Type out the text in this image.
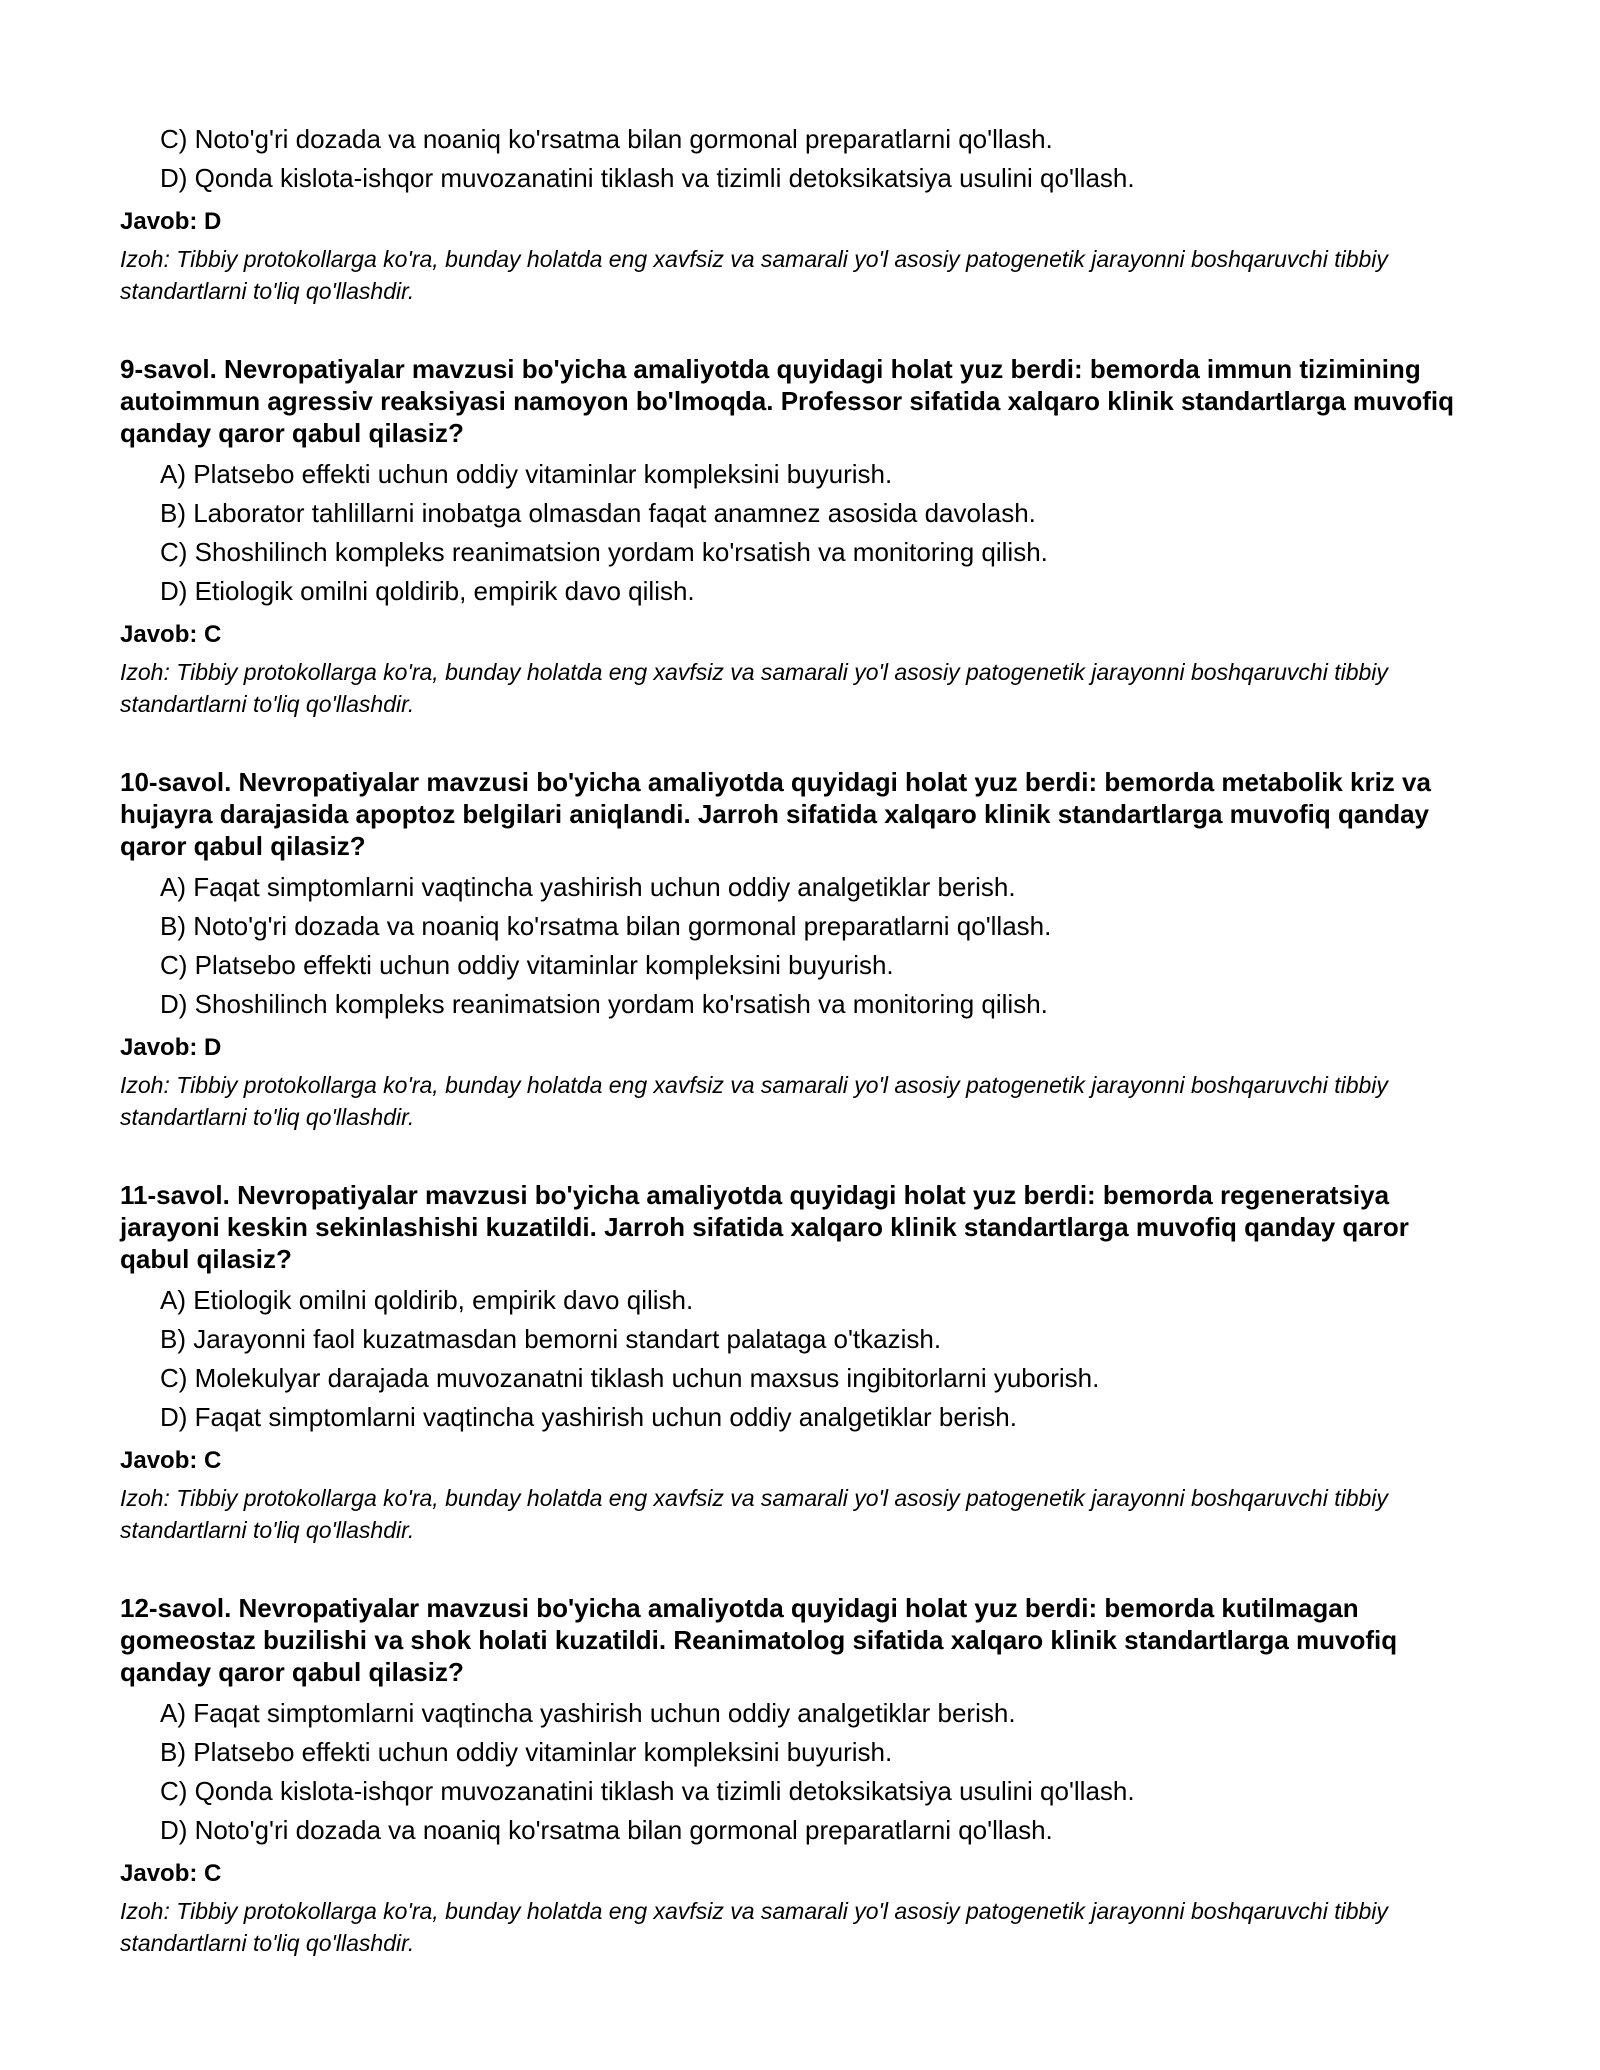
C) Noto'g'ri dozada va noaniq ko'rsatma bilan gormonal preparatlarni qo'llash.

D) Qonda kislota-ishqor muvozanatini tiklash va tizimli detoksikatsiya usulini qo'llash.

Javob: D

Izoh: Tibbiy protokollarga ko'ra, bunday holatda eng xavfsiz va samarali yo'l asosiy patogenetik jarayonni boshqaruvchi tibbiy standartlarni to'liq qo'llashdir.

9-savol. Nevropatiyalar mavzusi bo'yicha amaliyotda quyidagi holat yuz berdi: bemorda immun tizimining autoimmun agressiv reaksiyasi namoyon bo'lmoqda. Professor sifatida xalqaro klinik standartlarga muvofiq qanday qaror qabul qilasiz?

A) Platsebo effekti uchun oddiy vitaminlar kompleksini buyurish.

B) Laborator tahlillarni inobatga olmasdan faqat anamnez asosida davolash.

C) Shoshilinch kompleks reanimatsion yordam ko'rsatish va monitoring qilish.

D) Etiologik omilni qoldirib, empirik davo qilish.

Javob: C

Izoh: Tibbiy protokollarga ko'ra, bunday holatda eng xavfsiz va samarali yo'l asosiy patogenetik jarayonni boshqaruvchi tibbiy standartlarni to'liq qo'llashdir.

10-savol. Nevropatiyalar mavzusi bo'yicha amaliyotda quyidagi holat yuz berdi: bemorda metabolik kriz va hujayra darajasida apoptoz belgilari aniqlandi. Jarroh sifatida xalqaro klinik standartlarga muvofiq qanday qaror qabul qilasiz?

A) Faqat simptomlarni vaqtincha yashirish uchun oddiy analgetiklar berish.

B) Noto'g'ri dozada va noaniq ko'rsatma bilan gormonal preparatlarni qo'llash.

C) Platsebo effekti uchun oddiy vitaminlar kompleksini buyurish.

D) Shoshilinch kompleks reanimatsion yordam ko'rsatish va monitoring qilish.

Javob: D

Izoh: Tibbiy protokollarga ko'ra, bunday holatda eng xavfsiz va samarali yo'l asosiy patogenetik jarayonni boshqaruvchi tibbiy standartlarni to'liq qo'llashdir.

11-savol. Nevropatiyalar mavzusi bo'yicha amaliyotda quyidagi holat yuz berdi: bemorda regeneratsiya jarayoni keskin sekinlashishi kuzatildi. Jarroh sifatida xalqaro klinik standartlarga muvofiq qanday qaror qabul qilasiz?

A) Etiologik omilni qoldirib, empirik davo qilish.

B) Jarayonni faol kuzatmasdan bemorni standart palataga o'tkazish.

C) Molekulyar darajada muvozanatni tiklash uchun maxsus ingibitorlarni yuborish.

D) Faqat simptomlarni vaqtincha yashirish uchun oddiy analgetiklar berish.

Javob: C

Izoh: Tibbiy protokollarga ko'ra, bunday holatda eng xavfsiz va samarali yo'l asosiy patogenetik jarayonni boshqaruvchi tibbiy standartlarni to'liq qo'llashdir.

12-savol. Nevropatiyalar mavzusi bo'yicha amaliyotda quyidagi holat yuz berdi: bemorda kutilmagan gomeostaz buzilishi va shok holati kuzatildi. Reanimatolog sifatida xalqaro klinik standartlarga muvofiq qanday qaror qabul qilasiz?

A) Faqat simptomlarni vaqtincha yashirish uchun oddiy analgetiklar berish.

B) Platsebo effekti uchun oddiy vitaminlar kompleksini buyurish.

C) Qonda kislota-ishqor muvozanatini tiklash va tizimli detoksikatsiya usulini qo'llash.

D) Noto'g'ri dozada va noaniq ko'rsatma bilan gormonal preparatlarni qo'llash.

Javob: C

Izoh: Tibbiy protokollarga ko'ra, bunday holatda eng xavfsiz va samarali yo'l asosiy patogenetik jarayonni boshqaruvchi tibbiy standartlarni to'liq qo'llashdir.
